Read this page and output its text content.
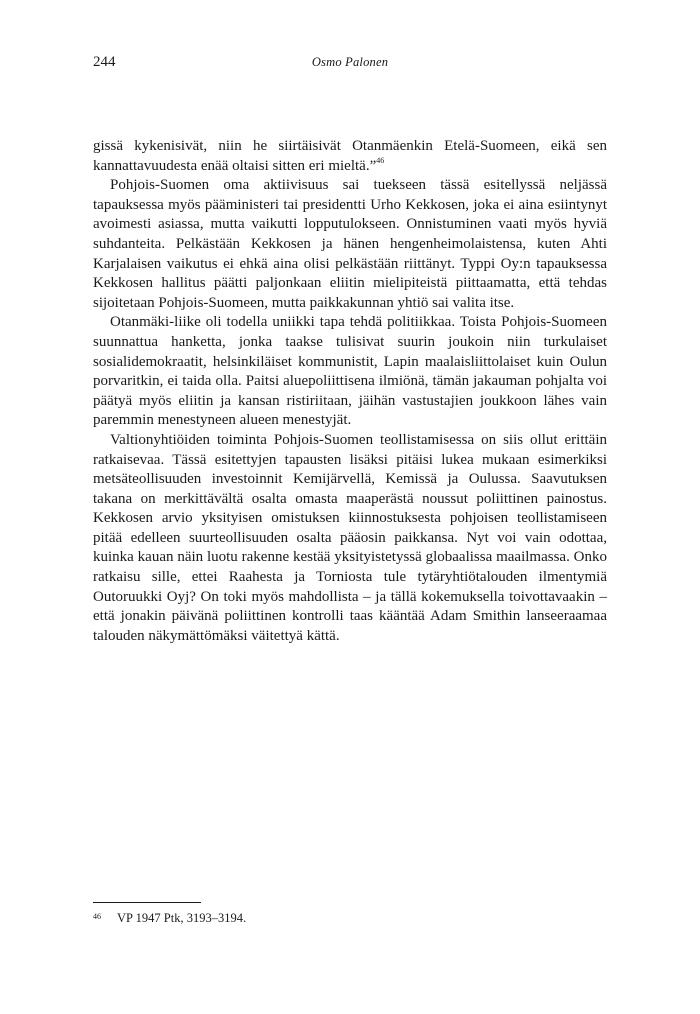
244	Osmo Palonen

gissä kykenisivät, niin he siirtäisivät Otanmäenkin Etelä-Suomeen, eikä sen kannattavuudesta enää oltaisi sitten eri mieltä.”$^{46}$

Pohjois-Suomen oma aktiivisuus sai tuekseen tässä esitellyssä neljässä tapauksessa myös pääministeri tai presidentti Urho Kekkosen, joka ei aina esiintynyt avoimesti asiassa, mutta vaikutti lopputulokseen. Onnistuminen vaati myös hyviä suhdanteita. Pelkästään Kekkosen ja hänen hengenheimolaistensa, kuten Ahti Karjalaisen vaikutus ei ehkä aina olisi pelkästään riittänyt. Typpi Oy:n tapauksessa Kekkosen hallitus päätti paljonkaan eliitin mielipiteistä piittaamatta, että tehdas sijoitetaan Pohjois-Suomeen, mutta paikkakunnan yhtiö sai valita itse.

Otanmäki-liike oli todella uniikki tapa tehdä politiikkaa. Toista Pohjois-Suomeen suunnattua hanketta, jonka taakse tulisivat suurin joukoin niin turkulaiset sosialidemokraatit, helsinkiläiset kommunistit, Lapin maalaisliittolaiset kuin Oulun porvaritkin, ei taida olla. Paitsi aluepoliittisena ilmiönä, tämän jakauman pohjalta voi päätyä myös eliitin ja kansan ristiriitaan, jäihän vastustajien joukkoon lähes vain paremmin menestyneen alueen menestyjät.

Valtionyhtiöiden toiminta Pohjois-Suomen teollistamisessa on siis ollut erittäin ratkaisevaa. Tässä esitettyjen tapausten lisäksi pitäisi lukea mukaan esimerkiksi metsäteollisuuden investoinnit Kemijärvellä, Kemissä ja Oulussa. Saavutuksen takana on merkittävältä osalta omasta maaperästä noussut poliittinen painostus. Kekkosen arvio yksityisen omistuksen kiinnostuksesta pohjoisen teollistamiseen pitää edelleen suurteollisuuden osalta pääosin paikkansa. Nyt voi vain odottaa, kuinka kauan näin luotu rakenne kestää yksityistetyssä globaalissa maailmassa. Onko ratkaisu sille, ettei Raahesta ja Torniosta tule tytäryhtiötalouden ilmentymiä Outoruukki Oyj? On toki myös mahdollista – ja tällä kokemuksella toivottavaakin – että jonakin päivänä poliittinen kontrolli taas kääntää Adam Smithin lanseeraamaa talouden näkymättömäksi väitettyä kättä.

46 VP 1947 Ptk, 3193–3194.
